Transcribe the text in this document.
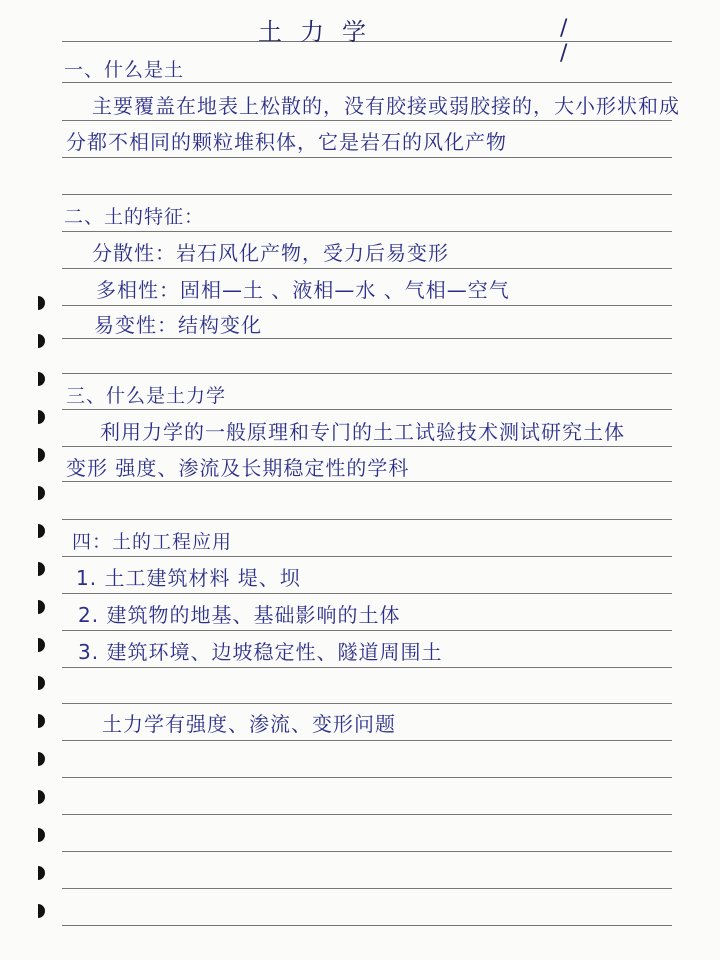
土力学	/ /
一、什么是土
主要覆盖在地表上松散的，没有胶接或弱胶接的，大小形状和成
分都不相同的颗粒堆积体，它是岩石的风化产物
二、土的特征：
分散性：岩石风化产物，受力后易变形
多相性：固相—土 、液相—水 、气相—空气
易变性：结构变化
三、什么是土力学
利用力学的一般原理和专门的土工试验技术测试研究土体
变形 强度、渗流及长期稳定性的学科
四：土的工程应用
1. 土工建筑材料 堤、坝
2. 建筑物的地基、基础影响的土体
3. 建筑环境、边坡稳定性、隧道周围土
土力学有强度、渗流、变形问题
